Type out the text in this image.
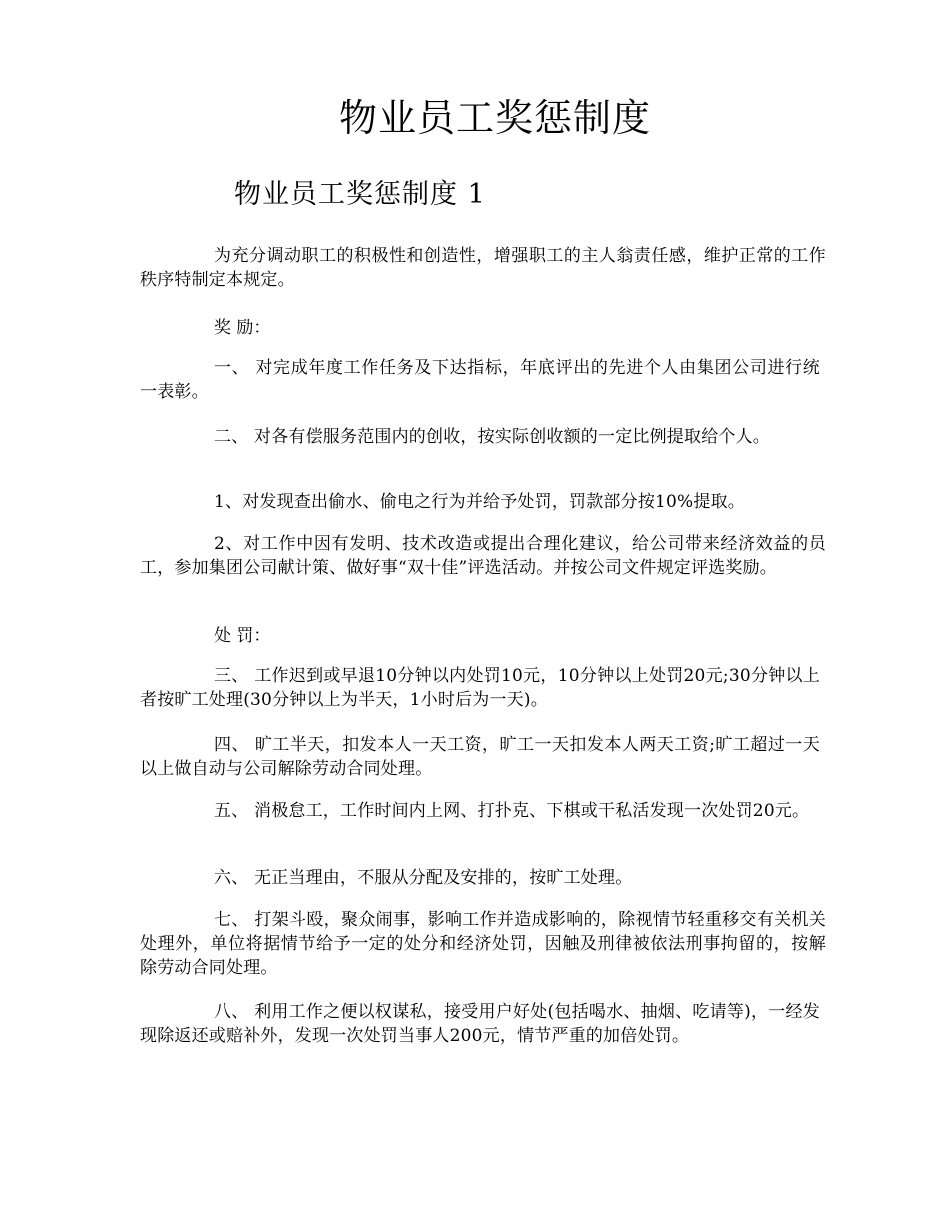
物业员工奖惩制度
物业员工奖惩制度 1

为充分调动职工的积极性和创造性，增强职工的主人翁责任感，维护正常的工作秩序特制定本规定。

奖 励：

一、 对完成年度工作任务及下达指标，年底评出的先进个人由集团公司进行统一表彰。

二、 对各有偿服务范围内的创收，按实际创收额的一定比例提取给个人。

1、对发现查出偷水、偷电之行为并给予处罚，罚款部分按10%提取。

2、对工作中因有发明、技术改造或提出合理化建议，给公司带来经济效益的员工，参加集团公司献计策、做好事“双十佳”评选活动。并按公司文件规定评选奖励。

处 罚：

三、 工作迟到或早退10分钟以内处罚10元，10分钟以上处罚20元;30分钟以上者按旷工处理(30分钟以上为半天，1小时后为一天)。

四、 旷工半天，扣发本人一天工资，旷工一天扣发本人两天工资;旷工超过一天以上做自动与公司解除劳动合同处理。

五、 消极怠工，工作时间内上网、打扑克、下棋或干私活发现一次处罚20元。

六、 无正当理由，不服从分配及安排的，按旷工处理。

七、 打架斗殴，聚众闹事，影响工作并造成影响的，除视情节轻重移交有关机关处理外，单位将据情节给予一定的处分和经济处罚，因触及刑律被依法刑事拘留的，按解除劳动合同处理。

八、 利用工作之便以权谋私，接受用户好处(包括喝水、抽烟、吃请等)，一经发现除返还或赔补外，发现一次处罚当事人200元，情节严重的加倍处罚。
